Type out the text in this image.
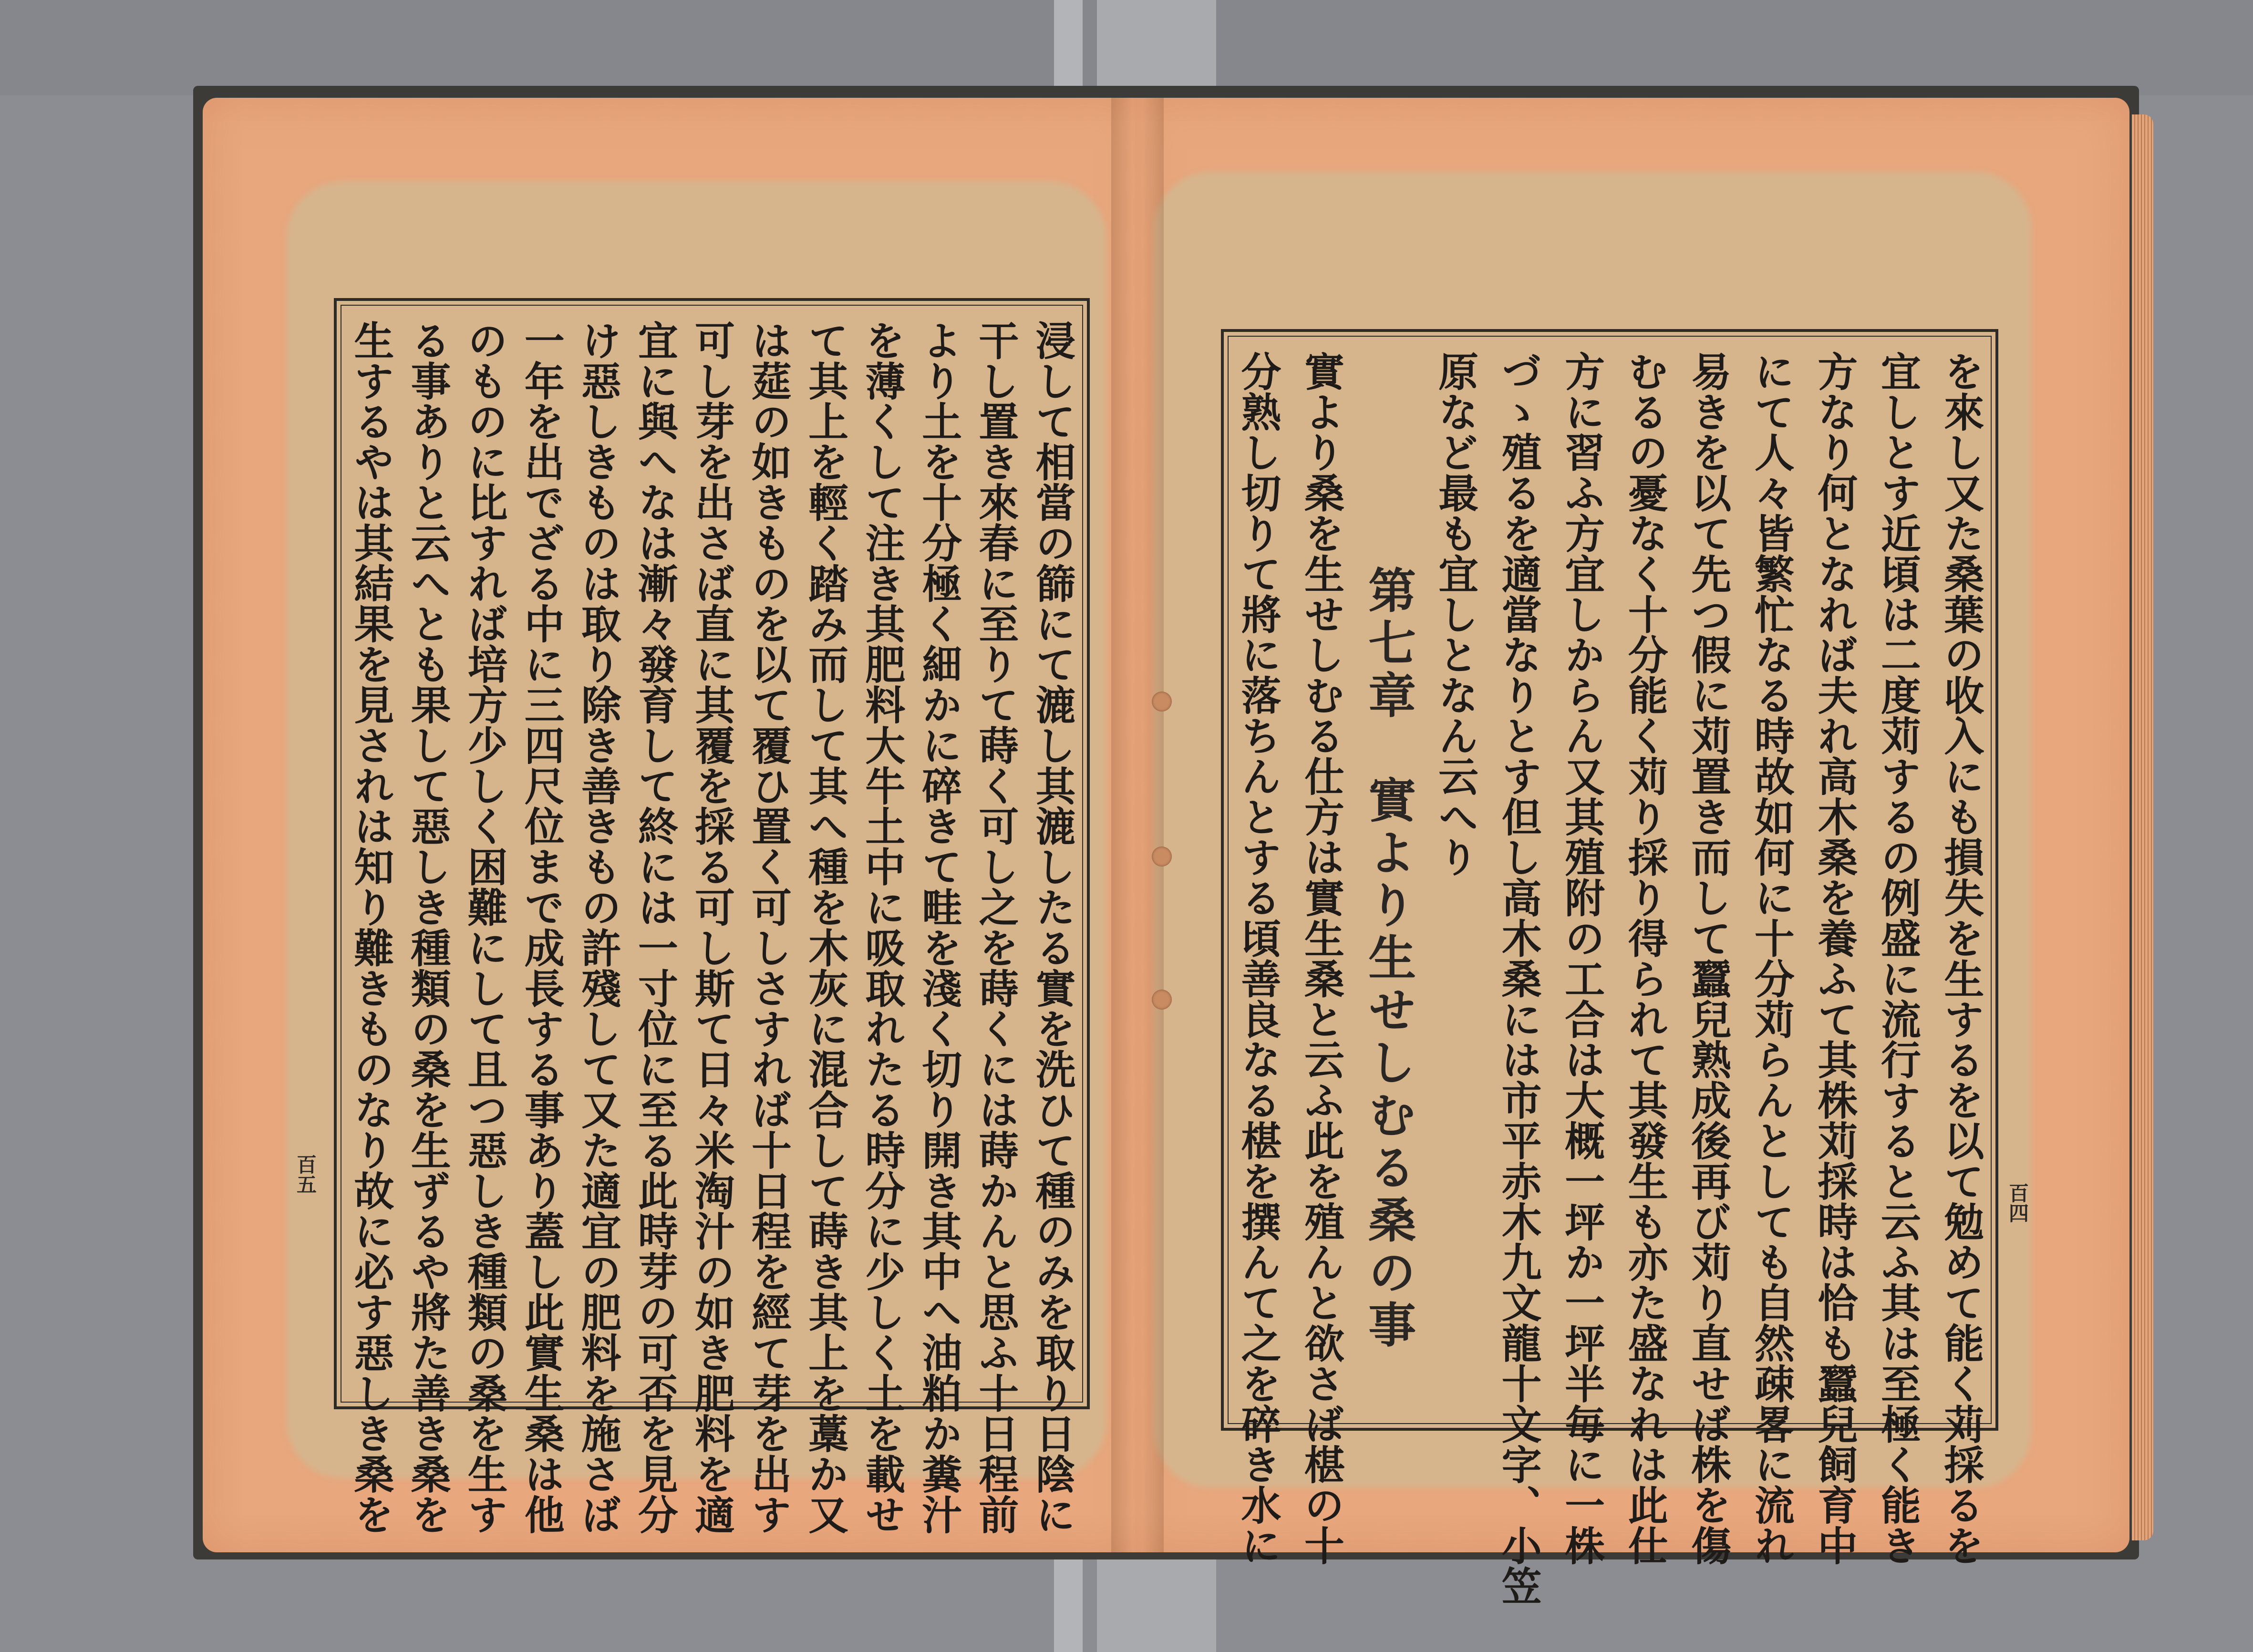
浸して相當の篩にて漉し其漉したる實を洗ひて種のみを取り日陰に
干し置き來春に至りて蒔く可し之を蒔くには蒔かんと思ふ十日程前
より土を十分極く細かに碎きて畦を淺く切り開き其中へ油粕か糞汁
を薄くして注き其肥料大牛土中に吸取れたる時分に少しく土を載せ
て其上を輕く踏み而して其へ種を木灰に混合して蒔き其上を藁か又
は莚の如きものを以て覆ひ置く可しさすれば十日程を經て芽を出す
可し芽を出さば直に其覆を採る可し斯て日々米淘汁の如き肥料を適
宜に與へなは漸々發育して終には一寸位に至る此時芽の可否を見分
け惡しきものは取り除き善きもの許殘して又た適宜の肥料を施さば
一年を出でざる中に三四尺位まで成長する事あり蓋し此實生桑は他
のものに比すれば培方少しく困難にして且つ惡しき種類の桑を生す
る事ありと云へとも果して惡しき種類の桑を生ずるや將た善き桑を
生するやは其結果を見されは知り難きものなり故に必す惡しき桑を
百五	を來し又た桑葉の收入にも損失を生するを以て勉めて能く苅採るを
宜しとす近頃は二度苅するの例盛に流行すると云ふ其は至極く能き
方なり何となれば夫れ高木桑を養ふて其株苅採時は恰も蠶兒飼育中
にて人々皆繁忙なる時故如何に十分苅らんとしても自然疎畧に流れ
易きを以て先つ假に苅置き而して蠶兒熟成後再び苅り直せば株を傷
むるの憂なく十分能く苅り採り得られて其發生も亦た盛なれは此仕
方に習ふ方宜しからん又其殖附の工合は大概一坪か一坪半毎に一株
づゝ殖るを適當なりとす但し高木桑には市平赤木九文龍十文字、小笠
原など最も宜しとなん云へり
第七章　實より生せしむる桑の事
實より桑を生せしむる仕方は實生桑と云ふ此を殖んと欲さば椹の十
分熟し切りて將に落ちんとする頃善良なる椹を撰んて之を碎き水に	百四
